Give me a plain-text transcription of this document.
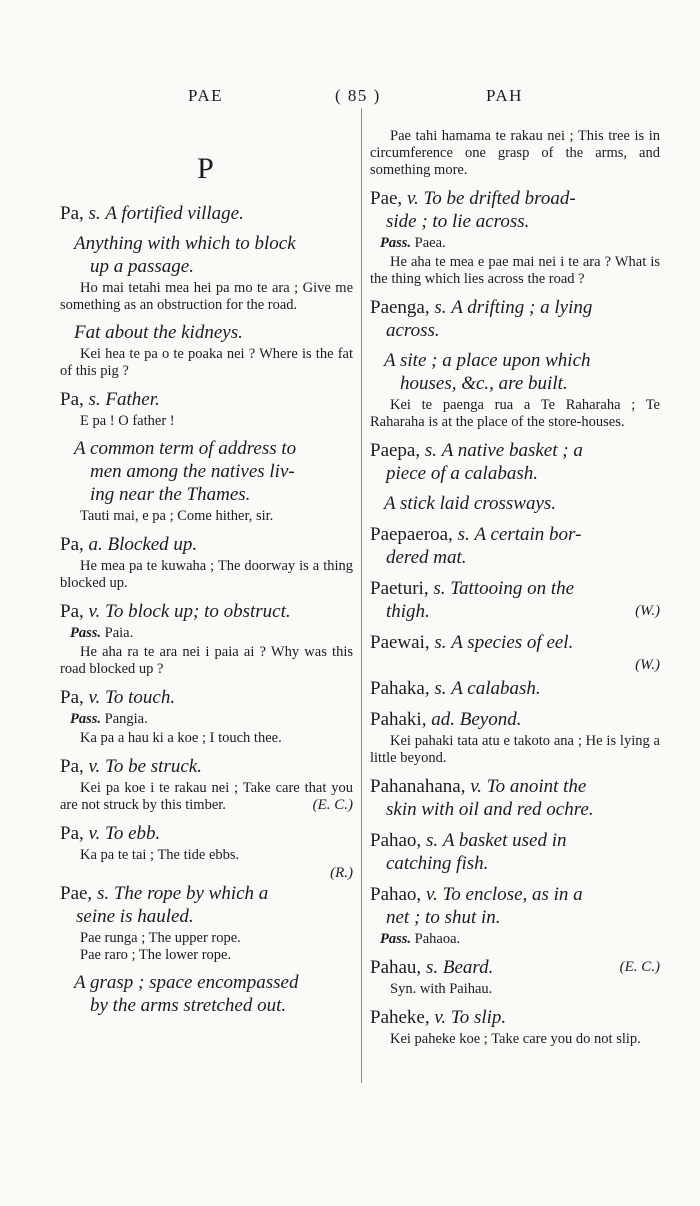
PAE	( 85 )	PAH
P
Pa, s. A fortified village.
Anything with which to block
up a passage.

Ho mai tetahi mea hei pa mo te ara ; Give me something as an obstruction for the road.

Fat about the kidneys.

Kei hea te pa o te poaka nei ? Where is the fat of this pig ?

Pa, s. Father.

E pa ! O father !

A common term of address to
men among the natives liv-
ing near the Thames.

Tauti mai, e pa ; Come hither, sir.

Pa, a. Blocked up.

He mea pa te kuwaha ; The doorway is a thing blocked up.

Pa, v. To block up; to obstruct.
Pass. Paia.

He aha ra te ara nei i paia ai ? Why was this road blocked up ?

Pa, v. To touch.
Pass. Pangia.

Ka pa a hau ki a koe ; I touch thee.

Pa, v. To be struck.

Kei pa koe i te rakau nei ; Take care that you are not struck by this timber.	(E. C.)

Pa, v. To ebb.

Ka pa te tai ; The tide ebbs.

(R.)
Pae, s. The rope by which a
seine is hauled.

Pae runga ; The upper rope.

Pae raro ; The lower rope.

A grasp ; space encompassed
by the arms stretched out.

Pae tahi hamama te rakau nei ; This tree is in circumference one grasp of the arms, and something more.

Pae, v. To be drifted broad-
side ; to lie across.
Pass. Paea.

He aha te mea e pae mai nei i te ara ? What is the thing which lies across the road ?

Paenga, s. A drifting ; a lying
across.
A site ; a place upon which
houses, &c., are built.

Kei te paenga rua a Te Raharaha ; Te Raharaha is at the place of the store-houses.

Paepa, s. A native basket ; a
piece of a calabash.
A stick laid crossways.
Paepaeroa, s. A certain bor-
dered mat.
Paeturi, s. Tattooing on the
thigh.	(W.)
Paewai, s. A species of eel.

(W.)
Pahaka, s. A calabash.
Pahaki, ad. Beyond.

Kei pahaki tata atu e takoto ana ; He is lying a little beyond.

Pahanahana, v. To anoint the
skin with oil and red ochre.
Pahao, s. A basket used in
catching fish.
Pahao, v. To enclose, as in a
net ; to shut in.
Pass. Pahaoa.
Pahau, s. Beard.	(E. C.)

Syn. with Paihau.

Paheke, v. To slip.

Kei paheke koe ; Take care you do not slip.
